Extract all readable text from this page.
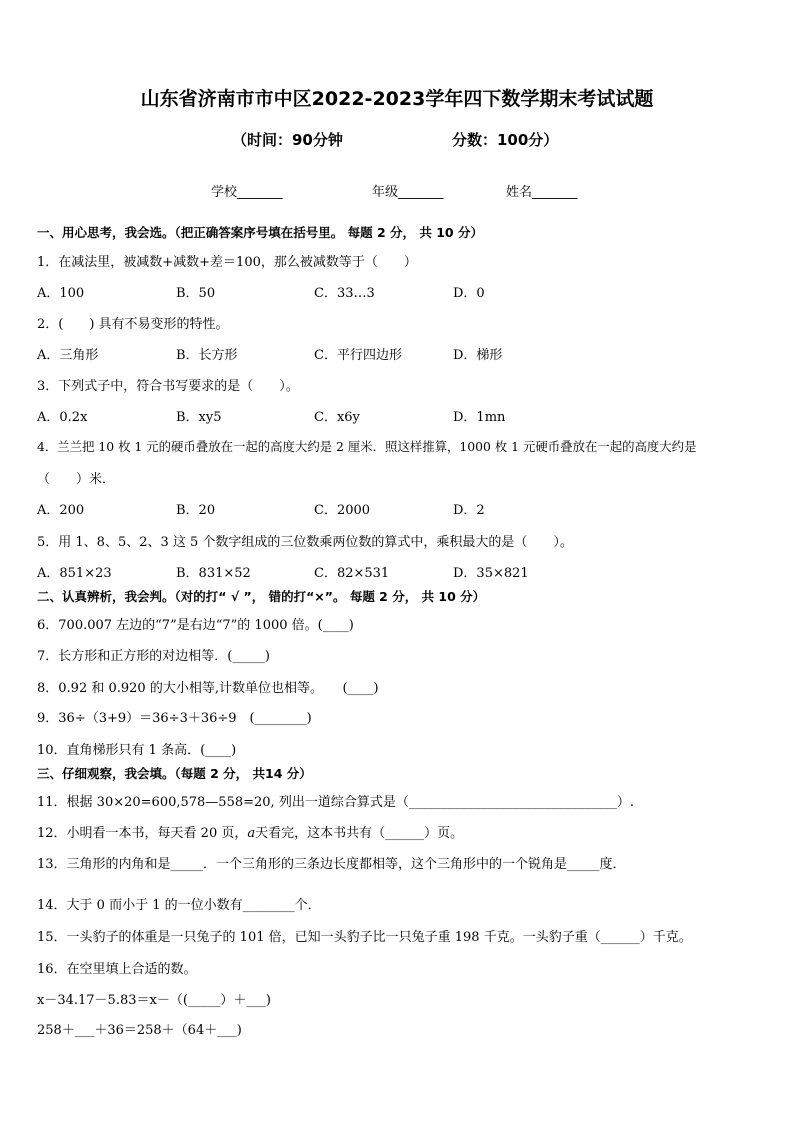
山东省济南市市中区2022-2023学年四下数学期末考试试题
（时间：90分钟	分数：100分）
学校_______	年级_______	姓名_______
一、用心思考，我会选。（把正确答案序号填在括号里。 每题 2 分， 共 10 分）
1．在减法里，被减数+减数+差＝100，那么被减数等于（　　）
A．100	B．50	C．33…3	D．0
2．(　　) 具有不易变形的特性。
A．三角形	B．长方形	C．平行四边形	D．梯形
3．下列式子中，符合书写要求的是（　　）。
A．0.2x	B．xy5	C．x6y	D．1mn
4．兰兰把 10 枚 1 元的硬币叠放在一起的高度大约是 2 厘米．照这样推算，1000 枚 1 元硬币叠放在一起的高度大约是
（　　）米．
A．200	B．20	C．2000	D．2
5．用 1、8、5、2、3 这 5 个数字组成的三位数乘两位数的算式中，乘积最大的是（　　）。
A．851×23	B．831×52	C．82×531	D．35×821
二、认真辨析，我会判。（对的打“ √ ”， 错的打“×”。 每题 2 分， 共 10 分）
6．700.007 左边的“7”是右边“7”的 1000 倍。(____)
7．长方形和正方形的对边相等．(_____)
8．0.92 和 0.920 的大小相等,计数单位也相等。　　(____)
9．36÷（3+9）＝36÷3＋36÷9　(________)
10．直角梯形只有 1 条高．(____)
三、仔细观察，我会填。（每题 2 分， 共14 分）
11．根据 30×20=600,578—558=20, 列出一道综合算式是（________________________________）.
12．小明看一本书，每天看 20 页，a天看完，这本书共有（______）页。
13．三角形的内角和是_____．一个三角形的三条边长度都相等，这个三角形中的一个锐角是_____度．
14．大于 0 而小于 1 的一位小数有________个．
15．一头豹子的体重是一只兔子的 101 倍，已知一头豹子比一只兔子重 198 千克。一头豹子重（______）千克。
16．在空里填上合适的数。
x－34.17－5.83＝x－（(_____）＋___)
258＋___＋36＝258＋（64＋___)
